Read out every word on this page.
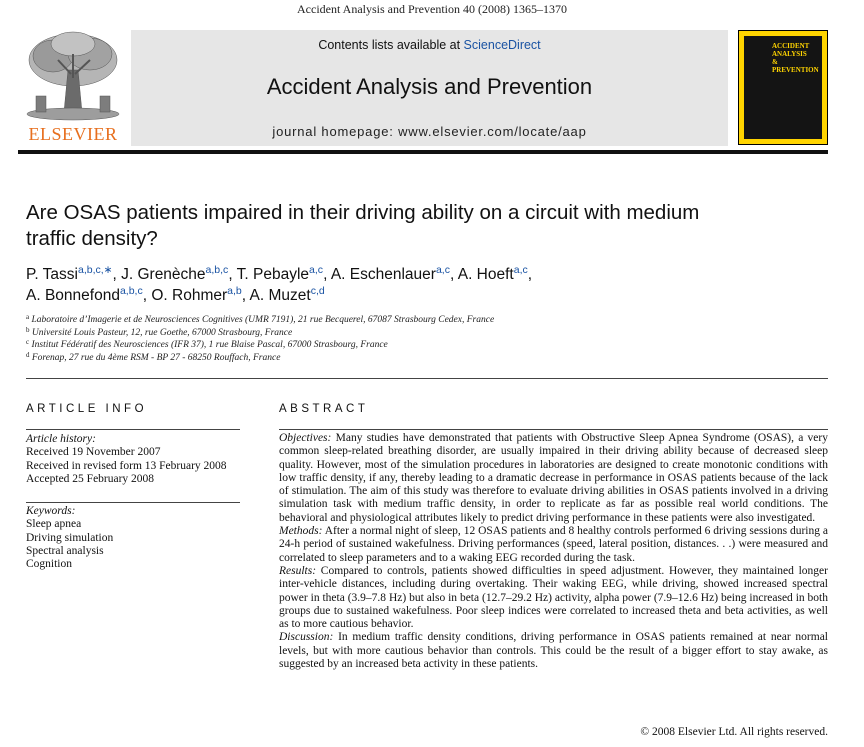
Accident Analysis and Prevention 40 (2008) 1365–1370
ELSEVIER
Contents lists available at ScienceDirect
Accident Analysis and Prevention
journal homepage: www.elsevier.com/locate/aap
ACCIDENT
ANALYSIS
&
PREVENTION
Are OSAS patients impaired in their driving ability on a circuit with medium traffic density?
P. Tassi$^{a,b,c,∗}$, J. Grenèche$^{a,b,c}$, T. Pebayle$^{a,c}$, A. Eschenlauer$^{a,c}$, A. Hoeft$^{a,c}$,
A. Bonnefond$^{a,b,c}$, O. Rohmer$^{a,b}$, A. Muzet$^{c,d}$
$^a$ Laboratoire d’Imagerie et de Neurosciences Cognitives (UMR 7191), 21 rue Becquerel, 67087 Strasbourg Cedex, France
$^b$ Université Louis Pasteur, 12, rue Goethe, 67000 Strasbourg, France
$^c$ Institut Fédératif des Neurosciences (IFR 37), 1 rue Blaise Pascal, 67000 Strasbourg, France
$^d$ Forenap, 27 rue du 4ème RSM - BP 27 - 68250 Rouffach, France
ARTICLE INFO	ABSTRACT
Article history:
Received 19 November 2007
Received in revised form 13 February 2008
Accepted 25 February 2008
Keywords:
Sleep apnea
Driving simulation
Spectral analysis
Cognition

Objectives: Many studies have demonstrated that patients with Obstructive Sleep Apnea Syndrome (OSAS), a very common sleep-related breathing disorder, are usually impaired in their driving ability because of decreased sleep quality. However, most of the simulation procedures in laboratories are designed to create monotonic conditions with low traffic density, if any, thereby leading to a dramatic decrease in performance in OSAS patients because of the lack of stimulation. The aim of this study was therefore to evaluate driving abilities in OSAS patients involved in a driving simulation task with medium traffic density, in order to replicate as far as possible real world conditions. The behavioral and physiological attributes likely to predict driving performance in these patients were also investigated.

Methods: After a normal night of sleep, 12 OSAS patients and 8 healthy controls performed 6 driving sessions during a 24-h period of sustained wakefulness. Driving performances (speed, lateral position, distances. . .) were measured and correlated to sleep parameters and to a waking EEG recorded during the task.

Results: Compared to controls, patients showed difficulties in speed adjustment. However, they maintained longer inter-vehicle distances, including during overtaking. Their waking EEG, while driving, showed increased spectral power in theta (3.9–7.8 Hz) but also in beta (12.7–29.2 Hz) activity, alpha power (7.9–12.6 Hz) being increased in both groups due to sustained wakefulness. Poor sleep indices were correlated to increased theta and beta activities, as well as to more cautious behavior.

Discussion: In medium traffic density conditions, driving performance in OSAS patients remained at near normal levels, but with more cautious behavior than controls. This could be the result of a bigger effort to stay awake, as suggested by an increased beta activity in these patients.

© 2008 Elsevier Ltd. All rights reserved.
